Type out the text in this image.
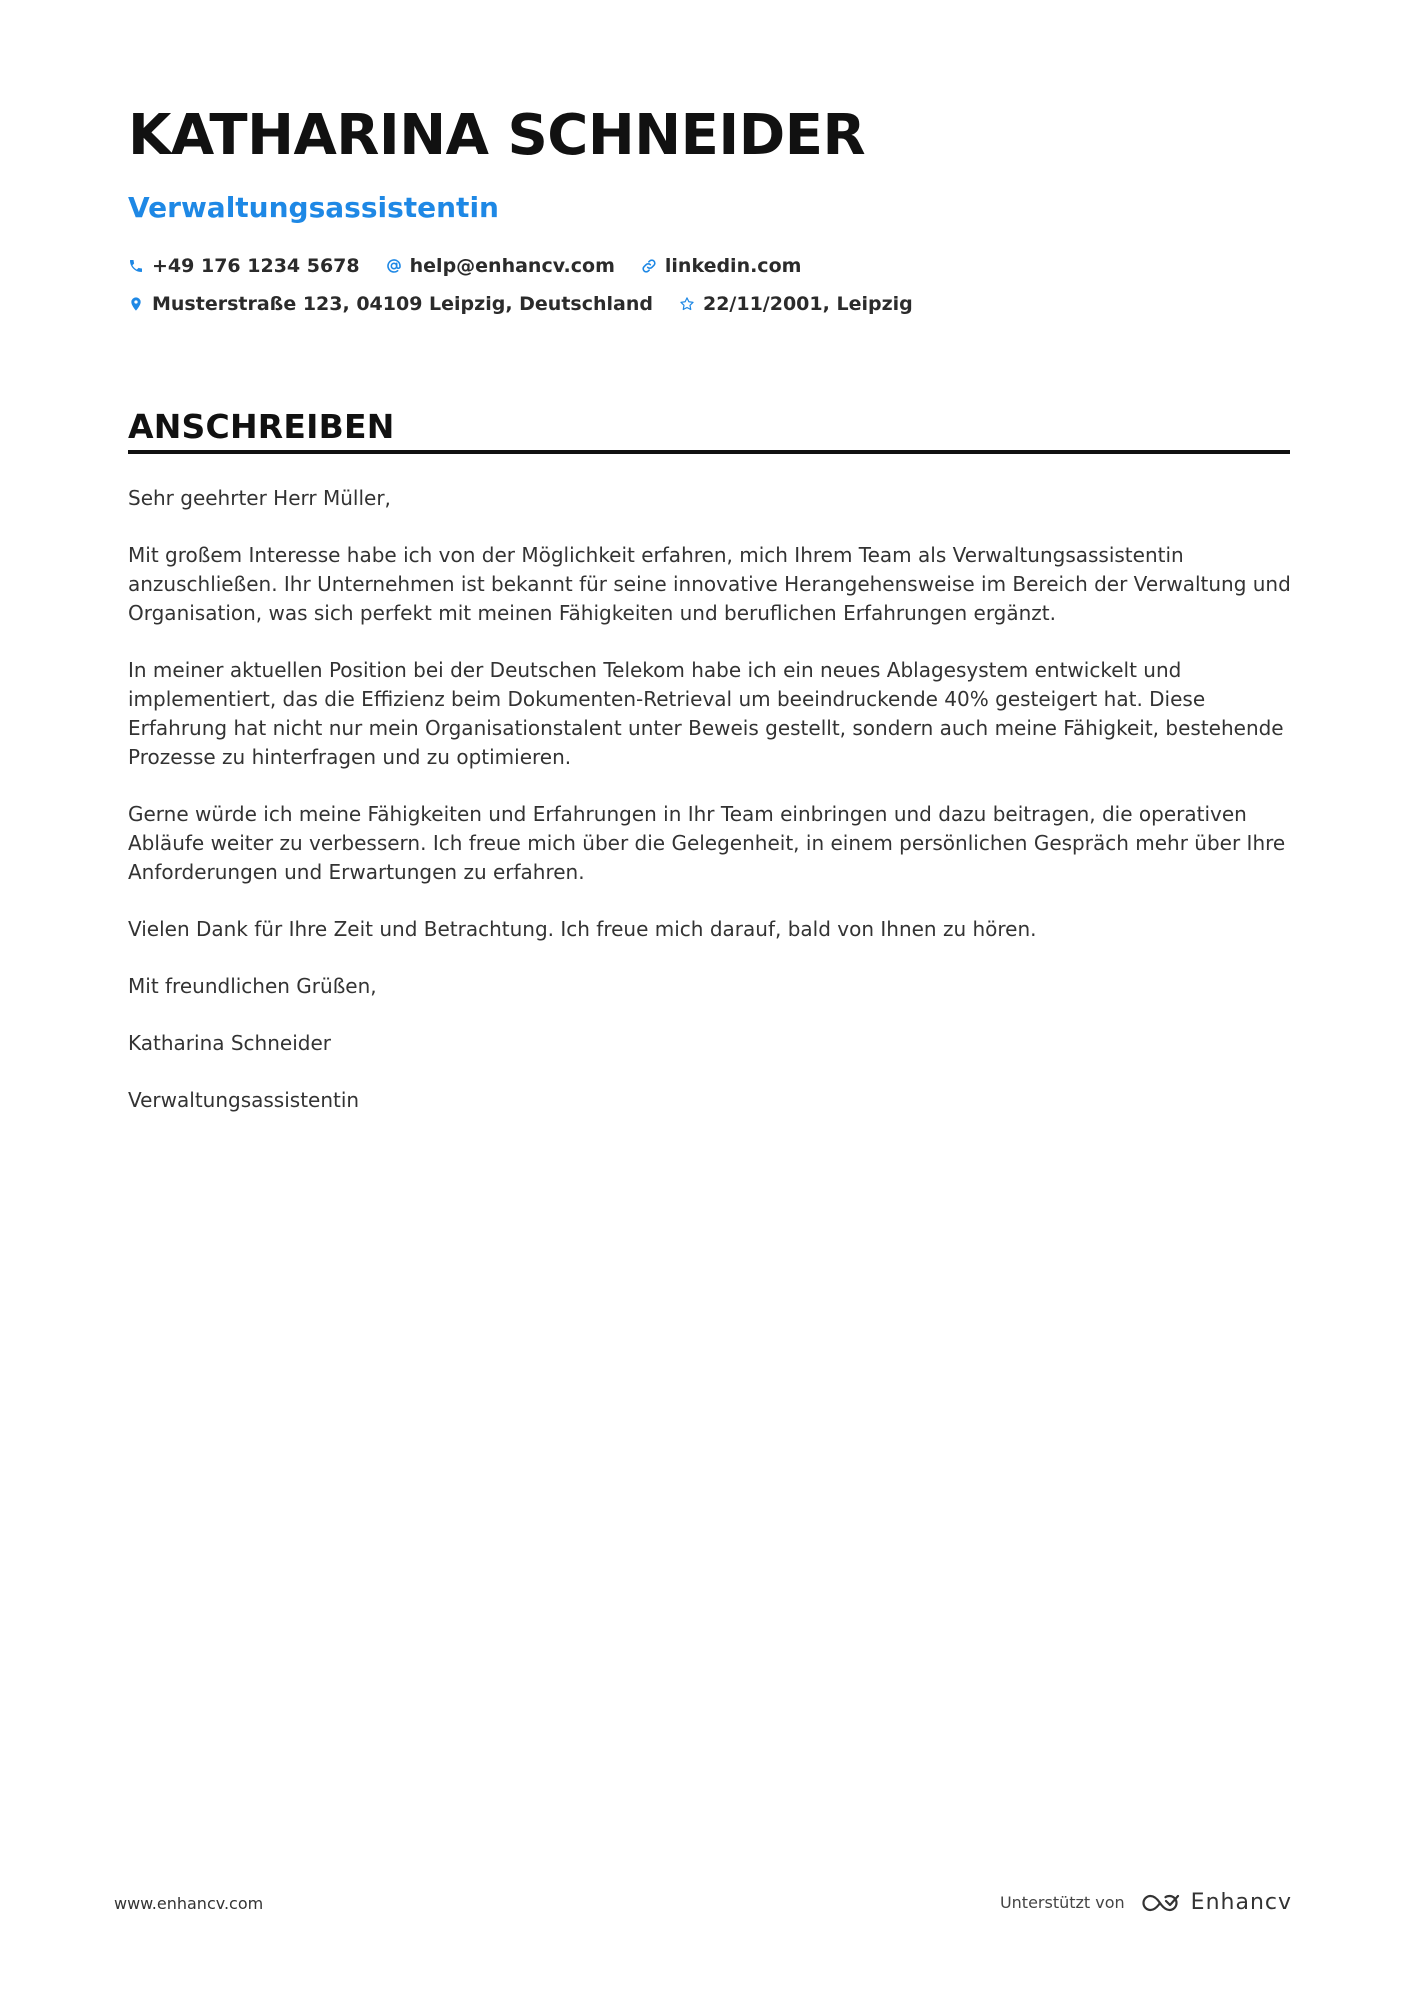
KATHARINA SCHNEIDER
Verwaltungsassistentin
+49 176 1234 5678	help@enhancv.com	linkedin.com
Musterstraße 123, 04109 Leipzig, Deutschland	22/11/2001, Leipzig
ANSCHREIBEN

Sehr geehrter Herr Müller,

Mit großem Interesse habe ich von der Möglichkeit erfahren, mich Ihrem Team als Verwaltungsassistentin anzuschließen. Ihr Unternehmen ist bekannt für seine innovative Herangehensweise im Bereich der Verwaltung und Organisation, was sich perfekt mit meinen Fähigkeiten und beruflichen Erfahrungen ergänzt.

In meiner aktuellen Position bei der Deutschen Telekom habe ich ein neues Ablagesystem entwickelt und implementiert, das die Effizienz beim Dokumenten-Retrieval um beeindruckende 40% gesteigert hat. Diese Erfahrung hat nicht nur mein Organisationstalent unter Beweis gestellt, sondern auch meine Fähigkeit, bestehende Prozesse zu hinterfragen und zu optimieren.

Gerne würde ich meine Fähigkeiten und Erfahrungen in Ihr Team einbringen und dazu beitragen, die operativen Abläufe weiter zu verbessern. Ich freue mich über die Gelegenheit, in einem persönlichen Gespräch mehr über Ihre Anforderungen und Erwartungen zu erfahren.

Vielen Dank für Ihre Zeit und Betrachtung. Ich freue mich darauf, bald von Ihnen zu hören.

Mit freundlichen Grüßen,

Katharina Schneider

Verwaltungsassistentin

www.enhancv.com	Unterstützt von	Enhancv
